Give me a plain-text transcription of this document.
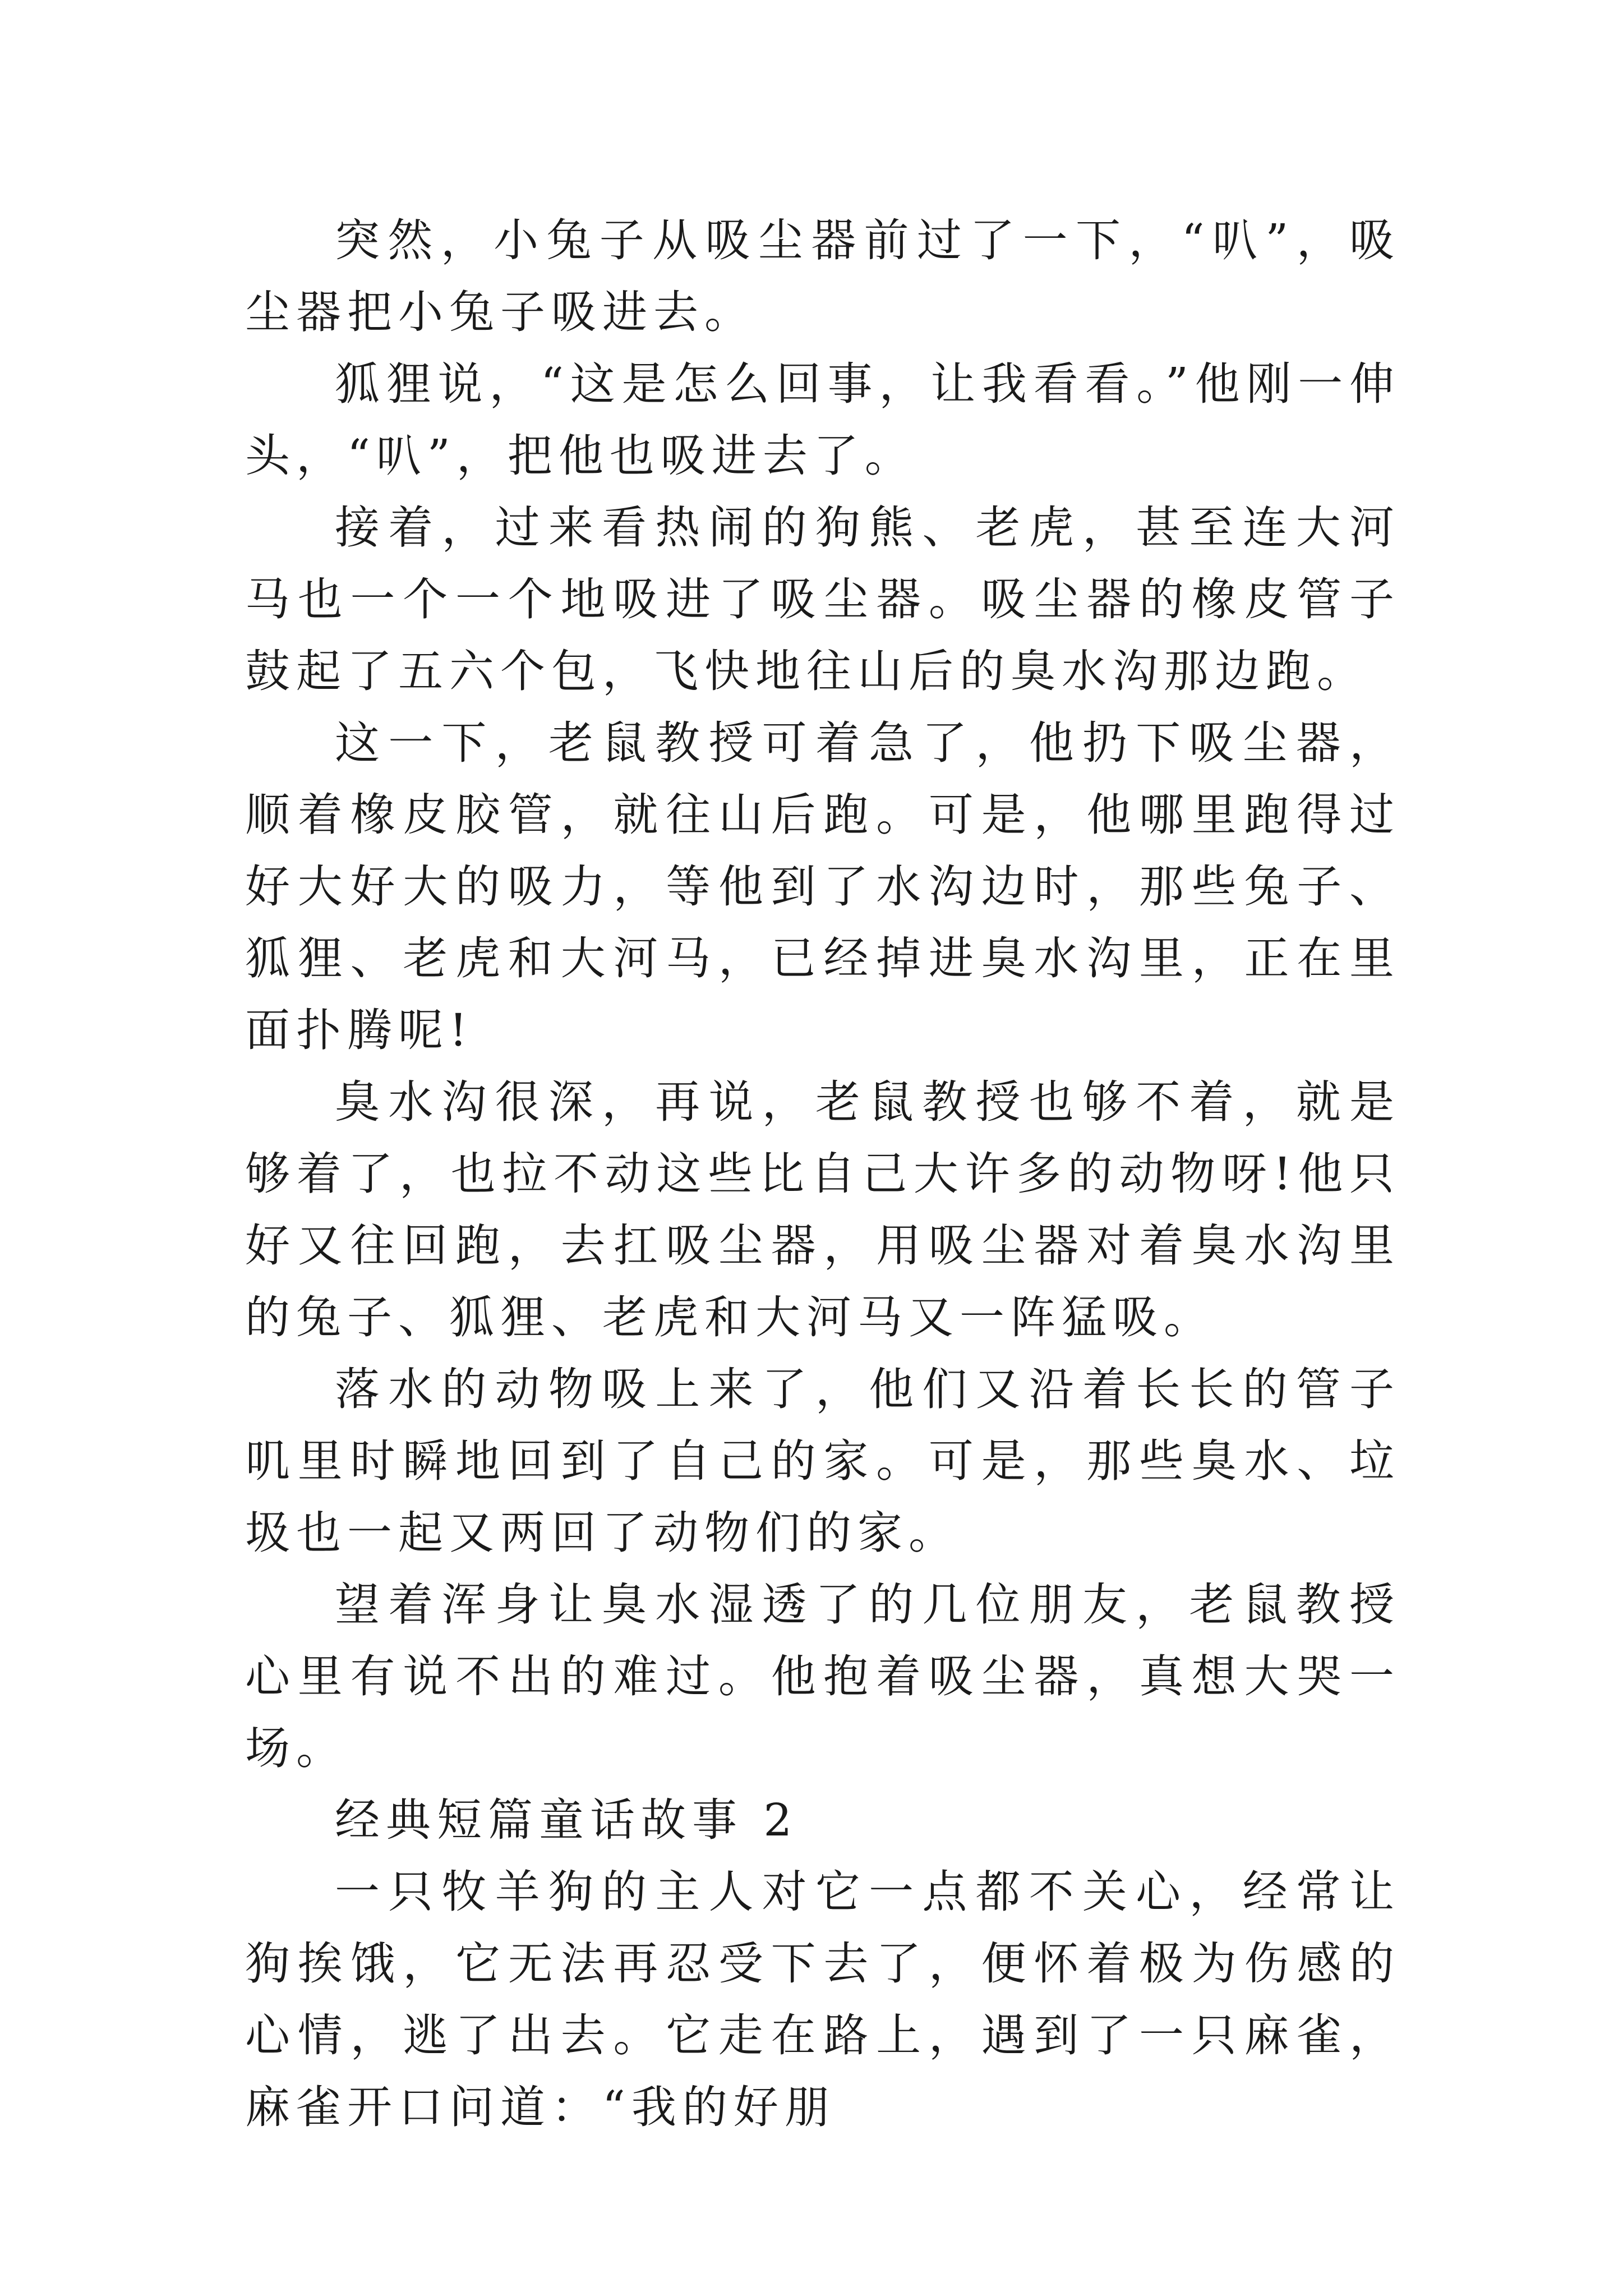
突然，小兔子从吸尘器前过了一下，“叭”，吸尘器把小兔子吸进去。

狐狸说，“这是怎么回事，让我看看。”他刚一伸头，“叭”，把他也吸进去了。

接着，过来看热闹的狗熊、老虎，甚至连大河马也一个一个地吸进了吸尘器。吸尘器的橡皮管子鼓起了五六个包，飞快地往山后的臭水沟那边跑。

这一下，老鼠教授可着急了，他扔下吸尘器，顺着橡皮胶管，就往山后跑。可是，他哪里跑得过好大好大的吸力，等他到了水沟边时，那些兔子、狐狸、老虎和大河马，已经掉进臭水沟里，正在里面扑腾呢!

臭水沟很深，再说，老鼠教授也够不着，就是够着了，也拉不动这些比自己大许多的动物呀!他只好又往回跑，去扛吸尘器，用吸尘器对着臭水沟里的兔子、狐狸、老虎和大河马又一阵猛吸。

落水的动物吸上来了，他们又沿着长长的管子叽里时瞬地回到了自己的家。可是，那些臭水、垃圾也一起又两回了动物们的家。

望着浑身让臭水湿透了的几位朋友，老鼠教授心里有说不出的难过。他抱着吸尘器，真想大哭一场。

经典短篇童话故事 2

一只牧羊狗的主人对它一点都不关心，经常让狗挨饿，它无法再忍受下去了，便怀着极为伤感的心情，逃了出去。它走在路上，遇到了一只麻雀，麻雀开口问道：“我的好朋
